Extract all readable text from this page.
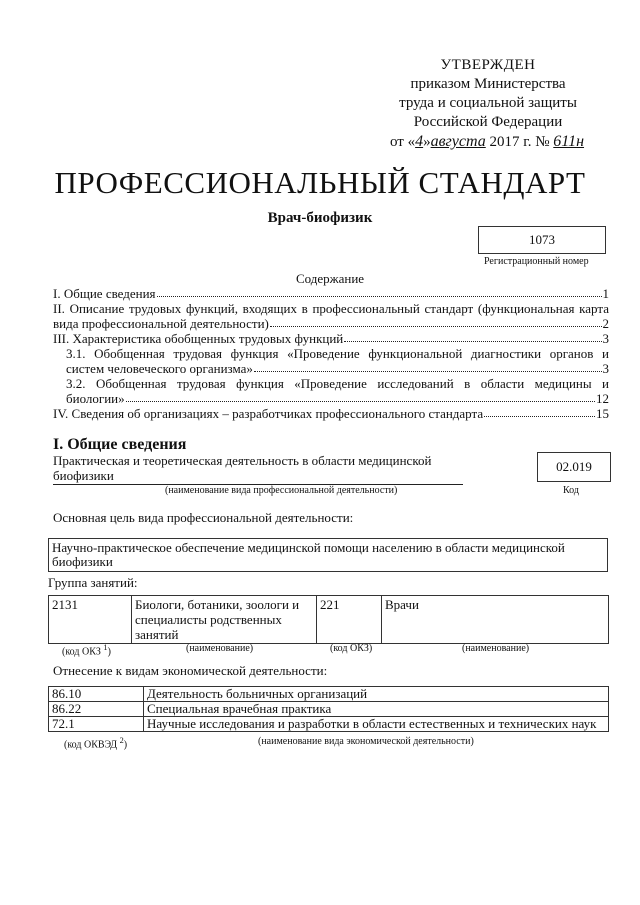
УТВЕРЖДЕН
приказом Министерства
труда и социальной защиты
Российской Федерации
от «4»августа 2017 г. № 611н
ПРОФЕССИОНАЛЬНЫЙ СТАНДАРТ
Врач-биофизик
1073
Регистрационный номер
Содержание
I. Общие сведения	1
II. Описание трудовых функций, входящих в профессиональный стандарт (функциональная карта
вида профессиональной деятельности)	2
III. Характеристика обобщенных трудовых функций	3
3.1. Обобщенная трудовая функция «Проведение функциональной диагностики органов и
систем человеческого организма»	3
3.2. Обобщенная трудовая функция «Проведение исследований в области медицины и
биологии»	12
IV. Сведения об организациях – разработчиках профессионального стандарта	15
I. Общие сведения
Практическая и теоретическая деятельность в области медицинской биофизики
02.019
(наименование вида профессиональной деятельности)	Код
Основная цель вида профессиональной деятельности:
Научно-практическое обеспечение медицинской помощи населению в области медицинской биофизики
Группа занятий:
2131	Биологи, ботаники, зоологи и специалисты родственных занятий	221	Врачи
(код ОКЗ $^1$)	(наименование)	(код ОКЗ)	(наименование)
Отнесение к видам экономической деятельности:
86.10	Деятельность больничных организаций
86.22	Специальная врачебная практика
72.1	Научные исследования и разработки в области естественных и технических наук
(код ОКВЭД $^2$)	(наименование вида экономической деятельности)
